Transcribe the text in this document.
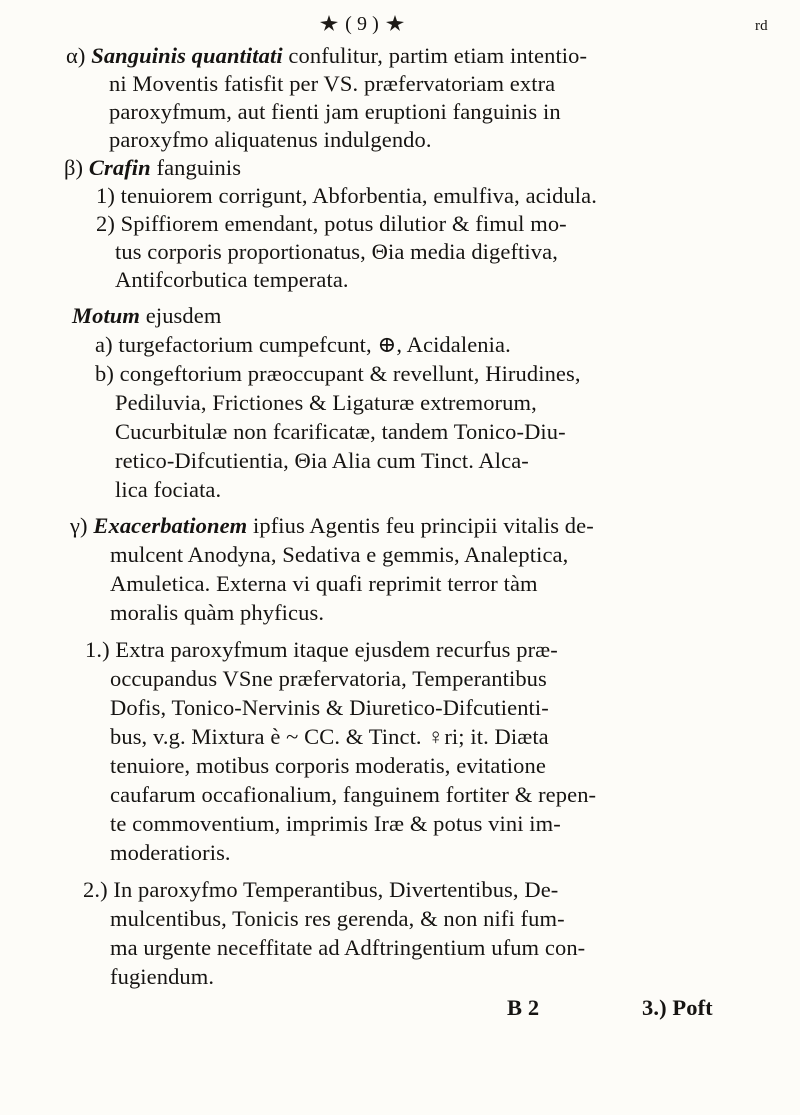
( 9 )	rd
α) Sanguinis quantitati confulitur, partim etiam intentio-
ni Moventis fatisfit per VS. præfervatoriam extra
paroxyfmum, aut fienti jam eruptioni fanguinis in
paroxyfmo aliquatenus indulgendo.
β) Crafin fanguinis
1) tenuiorem corrigunt, Abforbentia, emulfiva, acidula.
2) Spiffiorem emendant, potus dilutior & fimul mo-
tus corporis proportionatus, Θia media digeftiva,
Antifcorbutica temperata.
Motum ejusdem
a) turgefactorium cumpefcunt, ⊕, Acidalenia.
b) congeftorium præoccupant & revellunt, Hirudines,
Pediluvia, Frictiones & Ligaturæ extremorum,
Cucurbitulæ non fcarificatæ, tandem Tonico-Diu-
retico-Difcutientia, Θia Alia cum Tinct. Alca-
lica fociata.
γ) Exacerbationem ipfius Agentis feu principii vitalis de-
mulcent Anodyna, Sedativa e gemmis, Analeptica,
Amuletica. Externa vi quafi reprimit terror tàm
moralis quàm phyficus.
1.) Extra paroxyfmum itaque ejusdem recurfus præ-
occupandus VSne præfervatoria, Temperantibus
Dofis, Tonico-Nervinis & Diuretico-Difcutienti-
bus, v.g. Mixtura è ~ CC. & Tinct. ♀ri; it. Diæta
tenuiore, motibus corporis moderatis, evitatione
caufarum occafionalium, fanguinem fortiter & repen-
te commoventium, imprimis Iræ & potus vini im-
moderatioris.
2.) In paroxyfmo Temperantibus, Divertentibus, De-
mulcentibus, Tonicis res gerenda, & non nifi fum-
ma urgente neceffitate ad Adftringentium ufum con-
fugiendum.
B 2	3.) Poft
